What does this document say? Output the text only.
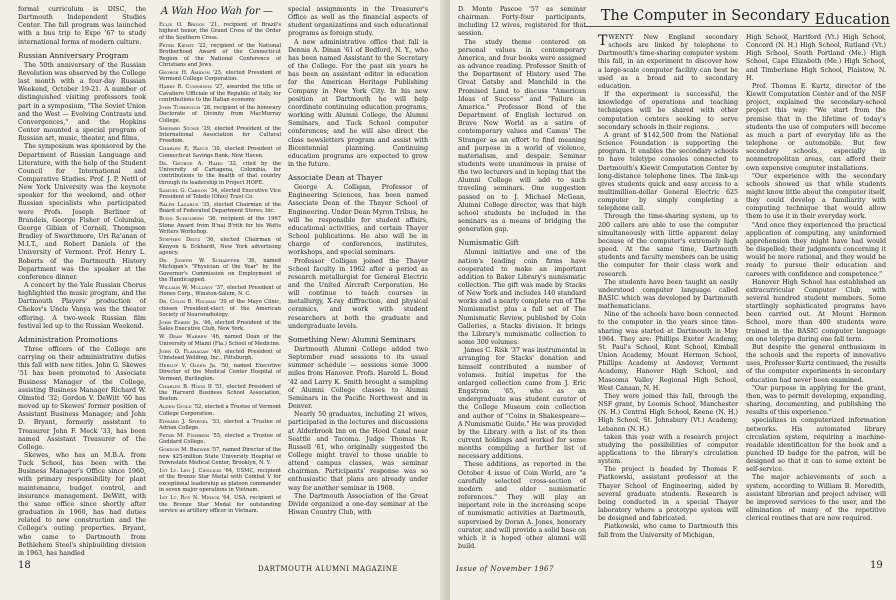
formal curriculum is DISC, the Dartmouth Independent Studies Center. The fall program was launched with a bus trip to Expo '67 to study international forms of modern culture.

Russian Anniversary Program

The 50th anniversary of the Russian Revolution was observed by the College last month with a four-day Russian Weekend, October 19-21. A number of distinguished visiting professors took part in a symposium, "The Soviet Union and the West — Evolving Contrasts and Convergences," and the Hopkins Center mounted a special program of Russian art, music, theater, and films.

The symposium was sponsored by the Department of Russian Language and Literature, with the help of the Student Council for International and Comparative Studies. Prof. J. P. Nettl of New York University was the keynote speaker for the weekend, and other Russian specialists who participated were Profs. Joseph Berliner of Brandeis, George Fisher of Columbia, George Gibian of Cornell, Thompson Bradley of Swarthmore, Uri Ra'anan of M.I.T., and Robert Daniels of the University of Vermont. Prof. Henry L. Roberts of the Dartmouth History Department was the speaker at the conference dinner.

A concert by the Yale Russian Chorus highlighted the music program, and the Dartmouth Players' production of Chekov's Uncle Vanya was the theater offering. A two-week Russian film festival led up to the Russian Weekend.

Administration Promotions

Three officers of the College are carrying on their administrative duties this fall with new titles. John G. Skewes '51 has been promoted to Associate Business Manager of the College, assisting Business Manager Richard W. Olmsted '32; Gordon V. DeWitt '60 has moved up to Skewes' former position of Assistant Business Manager; and John D. Bryant, formerly assistant to Treasurer John F. Meck '33, has been named Assistant Treasurer of the College.

Skewes, who has an M.B.A. from Tuck School, has been with the Business Manager's Office since 1960, with primary responsibility for plant maintenance, budget control, and insurance management. DeWitt, with the same office since shortly after graduation in 1960, has had duties related to new construction and the College's outing properties. Bryant, who came to Dartmouth from Bethlehem Steel's shipbuilding division in 1963, has handled

A Wah Hoo Wah for —

Ellis O. Briggs '21, recipient of Brazil's highest honor, the Grand Cross of the Order of the Southern Cross.

Peter Kiewit '22, recipient of the National Brotherhood Award of the Connecticut Region of the National Conference of Christians and Jews.

George H. Amidon '25, elected President of Vermont College Corporation.

Harry R. Cummings '27, awarded the title of Cavaliere Ufficiale of the Republic of Italy, for contributions to the Italian economy.

John Turkevich '28, recipient of the honorary Doctorate of Divinity from MacMurray College.

Shepard Stone '29, elected President of the International Association for Cultural Freedom.

Charles E. Rayce '30, elected President of Connecticut Savings Bank, New Haven.

Dr. George A. Hahn '32, cited by the University of Cartagena, Colombia, for contributions to the health of that country through its leadership in Project HOPE.

Samuel G. Carson '34, elected Executive Vice President of Toledo (Ohio) Trust Co.

Ralph Lazarus '35, elected Chairman of the Board of Federated Department Stores, Inc.

Budd Schulberg '36, recipient of the 1967 Stone Award from B'nai B'rith for his Watts Writers Workshop.

Stephen Deitz '36, elected Chairman of Kenyon & Eckhardt, New York advertising agency.

Dr. Joseph W. Schaeffer '36, named Michigan's "Physician of the Year" by the Governor's Commission on Employment of the Handicapped.

William W. Mcllroy '37, elected President of Hones Corp., Winston-Salem, N. C.

Dr. Colin B. Holman '39 of the Mayo Clinic, chosen President-elect of the American Society of Neuroradiology.

John Emery Jr. '46, elected President of the Sales Executive Club, New York.

W. Dean Warren '46, named Dean of the University of Miami (Fla.) School of Medicine.

John O. Flanagan '49, elected President of Ulmstead Welding, Inc., Pittsburgh.

Herluf V. Olsen Jr. '50, named Executive Director of the Medical Center Hospital of Vermont, Burlington.

Charles B. Hood II '51, elected President of the Harvard Business School Association, Boston.

Alden Guild '52, elected a Trustee of Vermont College Corporation.

Edward J. Spiegel '53, elected a Trustee of Adrian College.

Peter M. Fishbein '55, elected a Trustee of Goddard College.

Gordon M. Brewer '57, named Director of the new $25-million State University Hospital of Downstate Medical Center, Brooklyn, N. Y.

1st Lt. Leo J. Cieslicki '64, USMC, recipient of the Bronze Star Medal with Combat V for exceptional leadership as platoon commander in seven major operations in Vietnam.

1st Lt. Roy N. Minick '64, USA, recipient of the Bronze Star Medal for outstanding service as artillery officer in Vietnam.

special assignments in the Treasurer's Office as well as the financial aspects of student organizations and such educational programs as foreign study.

A new administrative office that fall is Dennis A. Dinan '61 of Bedford, N. Y., who has been named Assistant to the Secretary of the College. For the past six years he has been an assistant editor in education for the American Heritage Publishing Company in New York City. In his new position at Dartmouth he will help coordinate continuing education programs, working with Alumni College, the Alumni Seminars, and Tuck School computer conferences; and he will also direct the class newsletters program and assist with Bicentennial planning. Continuing education programs are expected to grow in the future.

Associate Dean at Thayer

George A. Colligan, Professor of Engineering Sciences, has been named Associate Dean of the Thayer School of Engineering. Under Dean Myron Tribus, he will be responsible for student affairs, educational activities, and certain Thayer School publications. He also will be in charge of conferences, institutes, workshops, and special seminars.

Professor Colligan joined the Thayer School faculty in 1962 after a period as research metallurgist for General Electric and the United Aircraft Corporation. He will continue to teach courses in metallurgy, X-ray diffraction, and physical ceramics, and work with student researchers at both the graduate and undergraduate levels.

Something New: Alumni Seminars

Dartmouth Alumni College added two September road sessions to its usual summer schedule — sessions some 3000 miles from Hanover. Profs. Harold L. Bond '42 and Larry K. Smith brought a sampling of Alumni College classes to Alumni Seminars in the Pacific Northwest and in Denver.

Nearly 50 graduates, including 21 wives, participated in the lectures and discussions at Alderbrook Inn on the Hood Canal near Seattle and Tacoma. Judge Thomas R. Russell '61, who originally suggested the College might travel to those unable to attend campus classes, was seminar chairman. Participants' response was so enthusiastic that plans are already under way for another seminar in 1968.

The Dartmouth Association of the Great Divide organized a one-day seminar at the Hiwan Country Club, with

18	DARTMOUTH ALUMNI MAGAZINE

D. Monte Pascoe '57 as seminar chairman. Forty-four participants, including 12 wives, registered for that session.

The study theme centered on personal values in contemporary America, and four books were assigned as advance reading. Professor Smith of the Department of History used The Great Gatsby and Manchild in the Promised Land to discuss "American Ideas of Success" and "Failure in America." Professor Bond of the Department of English lectured on Brave New World as a satire of contemporary values and Camus' The Stranger as an effort to find meaning and purpose in a world of violence, materialism, and despair. Seminar students were unanimous in praise of the two lecturers and in hoping that the Alumni College will add to such traveling seminars. One suggestion passed on to J. Michael McGean, Alumni College director, was that high school students be included in the seminars as a means of bridging the generation gap.

Numismatic Gift

Alumni initiative and one of the nation's leading coin firms have cooperated to make an important addition to Baker Library's numismatic collection. The gift was made by Stacks of New York and includes 140 standard works and a nearly complete run of The Numismatist plus a full set of The Numismatic Review, published by Coin Galleries, a Stacks division. It brings the Library's numismatic collection to some 300 volumes.

James C. Risk '37 was instrumental in arranging for Stacks' donation and himself contributed a number of volumes. Initial impetus for the enlarged collection came from J. Eric Engstrom '65, who as an undergraduate was student curator of the College Museum coin collection and author of "Coins in Shakespeare—A Numismatic Guide." He was provided by the Library with a list of its then current holdings and worked for some months compiling a further list of necessary additions.

These additions, as reported in the October 4 issue of Coin World, are "a carefully selected cross-section of modern and older numismatic references." They will play an important role in the increasing scope of numismatic activities at Dartmouth, supervised by Doran A. Jones, honorary curator, and will provide a solid base on which it is hoped other alumni will build.

The Computer in Secondary Education

TWENTY New England secondary schools are linked by telephone to Dartmouth's time-sharing computer system this fall, in an experiment to discover how a large-scale computer facility can best be used as a broad aid to secondary education.

If the experiment is successful, the knowledge of operations and teaching techniques will be shared with other computation centers seeking to serve secondary schools in their regions.

A grant of $142,500 from the National Science Foundation is supporting the program. It enables the secondary schools to have teletype consoles connected to Dartmouth's Kiewit Computation Center by long-distance telephone lines. The link-up gives students quick and easy access to a multimillion-dollar General Electric 625 computer by simply completing a telephone call.

Through the time-sharing system, up to 200 callers are able to use the computer simultaneously with little apparent delay because of the computer's extremely high speed. At the same time, Dartmouth students and faculty members can be using the computer for their class work and research.

The students have been taught an easily understood computer language called BASIC which was developed by Dartmouth mathematicians.

Nine of the schools have been connected to the computer in the years since time-sharing was started at Dartmouth in May 1964. They are: Phillips Exeter Academy, St. Paul's School, Kent School, Kimball Union Academy, Mount Hermon School, Phillips Academy at Andover, Vermont Academy, Hanover High School, and Mascoma Valley Regional High School, West Canaan, N. H.

They were joined this fall, through the NSF grant, by Loomis School, Manchester (N. H.) Central High School, Keene (N. H.) High School, St. Johnsbury (Vt.) Academy, Lebanon (N. H.)

taken this year with a research project studying the possibilities of computer applications to the library's circulation system.

The project is headed by Thomas F. Piatkowski, assistant professor at the Thayer School of Engineering, aided by several graduate students. Research is being conducted in a special Thayer laboratory where a prototype system will be designed and fabricated.

Piatkowski, who came to Dartmouth this fall from the University of Michigan,

High School, Hartford (Vt.) High School, Concord (N. H.) High School, Rutland (Vt.) High School, South Portland (Me.) High School, Cape Elizabeth (Me.) High School, and Timberlane High School, Plaistow, N. H.

Prof. Thomas E. Kurtz, director of the Kiewit Computation Center and of the NSF project, explained the secondary-school project this way: "We start from the premise that in the lifetime of today's students the use of computers will become as much a part of everyday life as the telephone or automobile. But few secondary schools, especially in nonmetropolitan areas, can afford their own expensive computer installations.

"Our experience with the secondary schools showed us that while students might know little about the computer itself, they could develop a familiarity with computing technique that would allow them to use it in their everyday work.

"And once they experienced the practical application of computing, any uninformed apprehension they might have had would be dispelled; their judgments concerning it would be more rational, and they would be ready to pursue their education and careers with confidence and competence."

Hanover High School has established an extracurricular Computer Club, with several hundred student members. Some startlingly sophisticated programs have been carried out. At Mount Hermon School, more than 400 students were trained in the BASIC computer language on one teletype during one fall term.

But despite the general enthusiasm in the schools and the reports of innovative uses, Professor Kurtz continued, the results of the computer experiments in secondary education had never been examined.

"Our purpose in applying for the grant, then, was to permit developing, expanding, sharing, documenting, and publishing the results of this experience."

specializes in computerized information networks. His automated library circulation system, requiring a machine-readable identification for the book and a punched ID badge for the patron, will be designed so that it can to some extent be self-service.

The major achievements of such a system, according to William B. Meredith, assistant librarian and project adviser, will be improved services to the user, and the elimination of many of the repetitive clerical routines that are now required.

Issue of November 1967	19
